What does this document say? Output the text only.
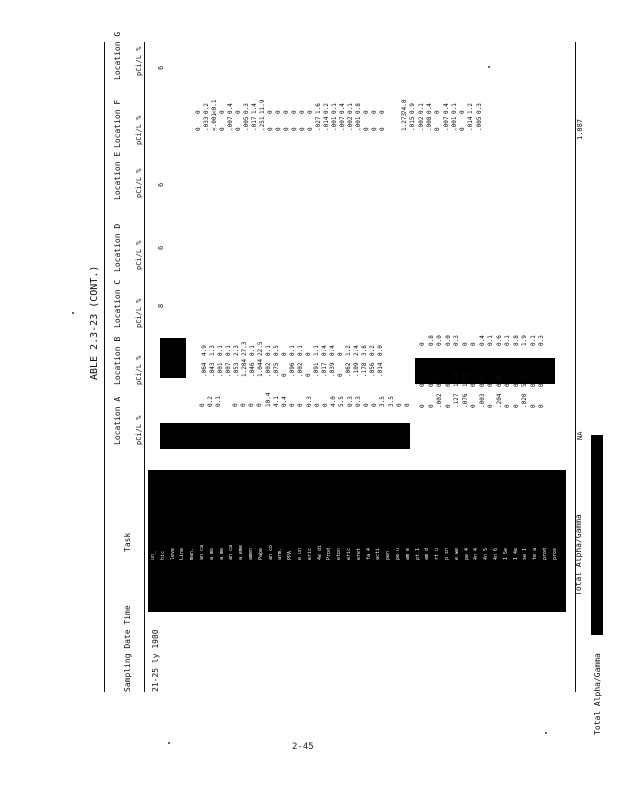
ABLE 2.3-23 (CONT.)
Sampling Date Time
Task
Location A
Location B
Location C
Location D
Location E
Location F
Location G
pCi/L %
pCi/L %
pCi/L %
pCi/L %
pCi/L %
pCi/L %
pCi/L %
21-25 ly 1980
8
6
6
6
un_ hic leve Line man. an ca a mo a me an ca a eme amen Pape an co arm. PPA e un eric 4e di Prod eton eric eret fa 4 acti pen pe u am e pt 1 am d rt u p sn e we pe 4 4n 4 4n 5 4n 6 1 5e 1 4e se 1 te a prod pros
0 0.2 0.1 0 0 0 0 10.4 4.1 0.4 0 0 0.3 0 0 4.0 5.5 0.3 0.3 0 0 3.5 3.5 0 0
.064 .043 .001 .007 .053 1.204 .046 1.044 .002 .075 0 .096 .002 0 .091 .017 .039 0 .062 .109 .178 .056 .014
4.9 1.3 0.1 0.1 2.3 27.3 0.1 22.5 0.1 0.5 0 0.1 0.1 0 1.1 0.4 0.4 0 1.2 2.4 3.8 0.2 0.0
0 0 .002 0 .127 .076 0 .003 0 .204 0 0 .020 0 0
0 0 0.7 0 13.3 13.2 0 0.3 0 0.0 0 0 5.7 0 0
0 0.8 0.0 0.0 0.3 0 0 0.4 0.1 0.6 0.1 8.8 1.9 0.1 0.3
0 .033 <.001 0 .007 0 .005 .017 .251 0 0 0 0 0 0 .027 .014 .001 .007 .002 .001 0 0 0
0 0.2 <0.1 0 0.4 0 0.3 1.4 11.9 0 0 0 0 0 0 1.6 0.2 0.1 0.4 0.1 0.8 0 0 0
1.273 .015 .002 .008 0 .007 .001 0 .014 .005
74.8 0.9 0.1 0.4 0 0.4 0.1 0 1.2 0.3
Total Alpha/Gamma
Total Alpha/Gamma
NA
1.087
2-45
